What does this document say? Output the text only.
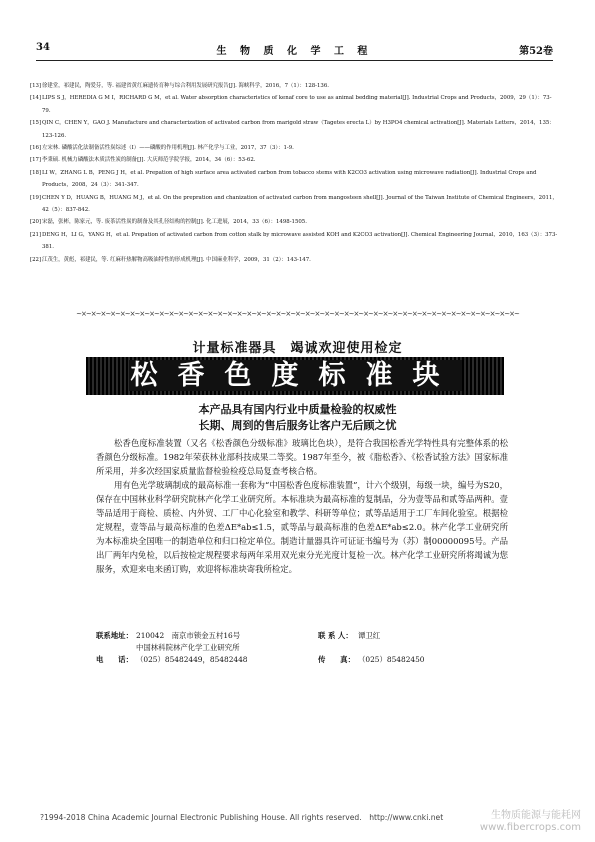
34	生 物 质 化 学 工 程	第52卷
[13] 徐建堂，祁建民，陶爱芬，等. 福建省黄红麻遗传育种与综合利用发展研究报告[J]. 海峡科学，2016，7（1）：128-136.
[14] LIPS S J，HEREDIA G M I，RICHARD G M，et al. Water absorption characteristics of kenaf core to use as animal bedding material[J]. Industrial Crops and Products，2009，29（1）：73-79.
[15] QIN C，CHEN Y，GAO J. Manufacture and characterization of activated carbon from marigold straw（Tagetes erecta L）by H3PO4 chemical activation[J]. Materials Letters，2014，135：123-126.
[16] 左宋林. 磷酸活化法制备活性炭综述（I）——磷酸的作用机理[J]. 林产化学与工业，2017，37（3）：1-9.
[17] 李秉硕. 机械力磷酸法木质活性炭的制备[J]. 大庆师范学院学报，2014，34（6）：53-62.
[18] LI W，ZHANG L B，PENG J H，et al. Prepation of high surface area activated carbon from tobacco stems with K2CO3 activation using microwave radiation[J]. Industrial Crops and Products，2008，24（3）：341-347.
[19] CHEN Y D，HUANG B，HUANG M J，et al. On the prepration and chanization of activated carbon from mangosteen shell[J]. Journal of the Taiwan Institute of Chemical Engineers，2011，42（5）：837-842.
[20] 宋磊，张彬，陈家元，等. 废茶活性炭的制备及其孔径结构的控制[J]. 化工进展，2014，33（6）：1498-1505.
[21] DENG H，LI G，YANG H，et al. Prepation of activated carbon from cotton stalk by microwave assisted KOH and K2CO3 activation[J]. Chemical Engineering Journal，2010，163（3）：373-381.
[22] 江茂生，黄彪，祁建民，等. 红麻秆热解物高吸油特性的形成机理[J]. 中国麻业科学，2009，31（2）：143-147.
~×~×~×~×~×~×~×~×~×~×~×~×~×~×~×~×~×~×~×~×~×~×~×~×~×~×~×~×~×~×~×~×~×~×~×~×~×~×~×~×~×~×~×~×~×~
计量标准器具　竭诚欢迎使用检定
松香色度标准块
本产品具有国内行业中质量检验的权威性
长期、周到的售后服务让客户无后顾之忧

松香色度标准装置（又名《松香颜色分级标准》玻璃比色块），是符合我国松香光学特性具有完整体系的松香颜色分级标准。1982年荣获林业部科技成果二等奖。1987年至今，被《脂松香》、《松香试验方法》国家标准所采用，并多次经国家质量监督检验检疫总局复查考核合格。

用有色光学玻璃制成的最高标准一套称为“中国松香色度标准装置”，计六个级别，每级一块，编号为S20，保存在中国林业科学研究院林产化学工业研究所。本标准块为最高标准的复制品，分为壹等品和贰等品两种。壹等品适用于商检、质检、内外贸、工厂中心化验室和教学、科研等单位；贰等品适用于工厂车间化验室。根据检定规程，壹等品与最高标准的色差ΔE*ab≤1.5，贰等品与最高标准的色差ΔE*ab≤2.0。林产化学工业研究所为本标准块全国唯一的制造单位和归口检定单位。制造计量器具许可证证书编号为（苏）制00000095号。产品出厂两年内免检，以后按检定规程要求每两年采用双光束分光光度计复检一次。林产化学工业研究所将竭诚为您服务，欢迎来电来函订购，欢迎将标准块寄我所检定。

联系地址： 210042　南京市锁金五村16号	联 系 人： 谭卫红
中国林科院林产化学工业研究所
电　　话： （025）85482449，85482448	传　　真： （025）85482450
?1994-2018 China Academic Journal Electronic Publishing House. All rights reserved.　http://www.cnki.net	生物质能源与能耗网
www.fibercrops.com
